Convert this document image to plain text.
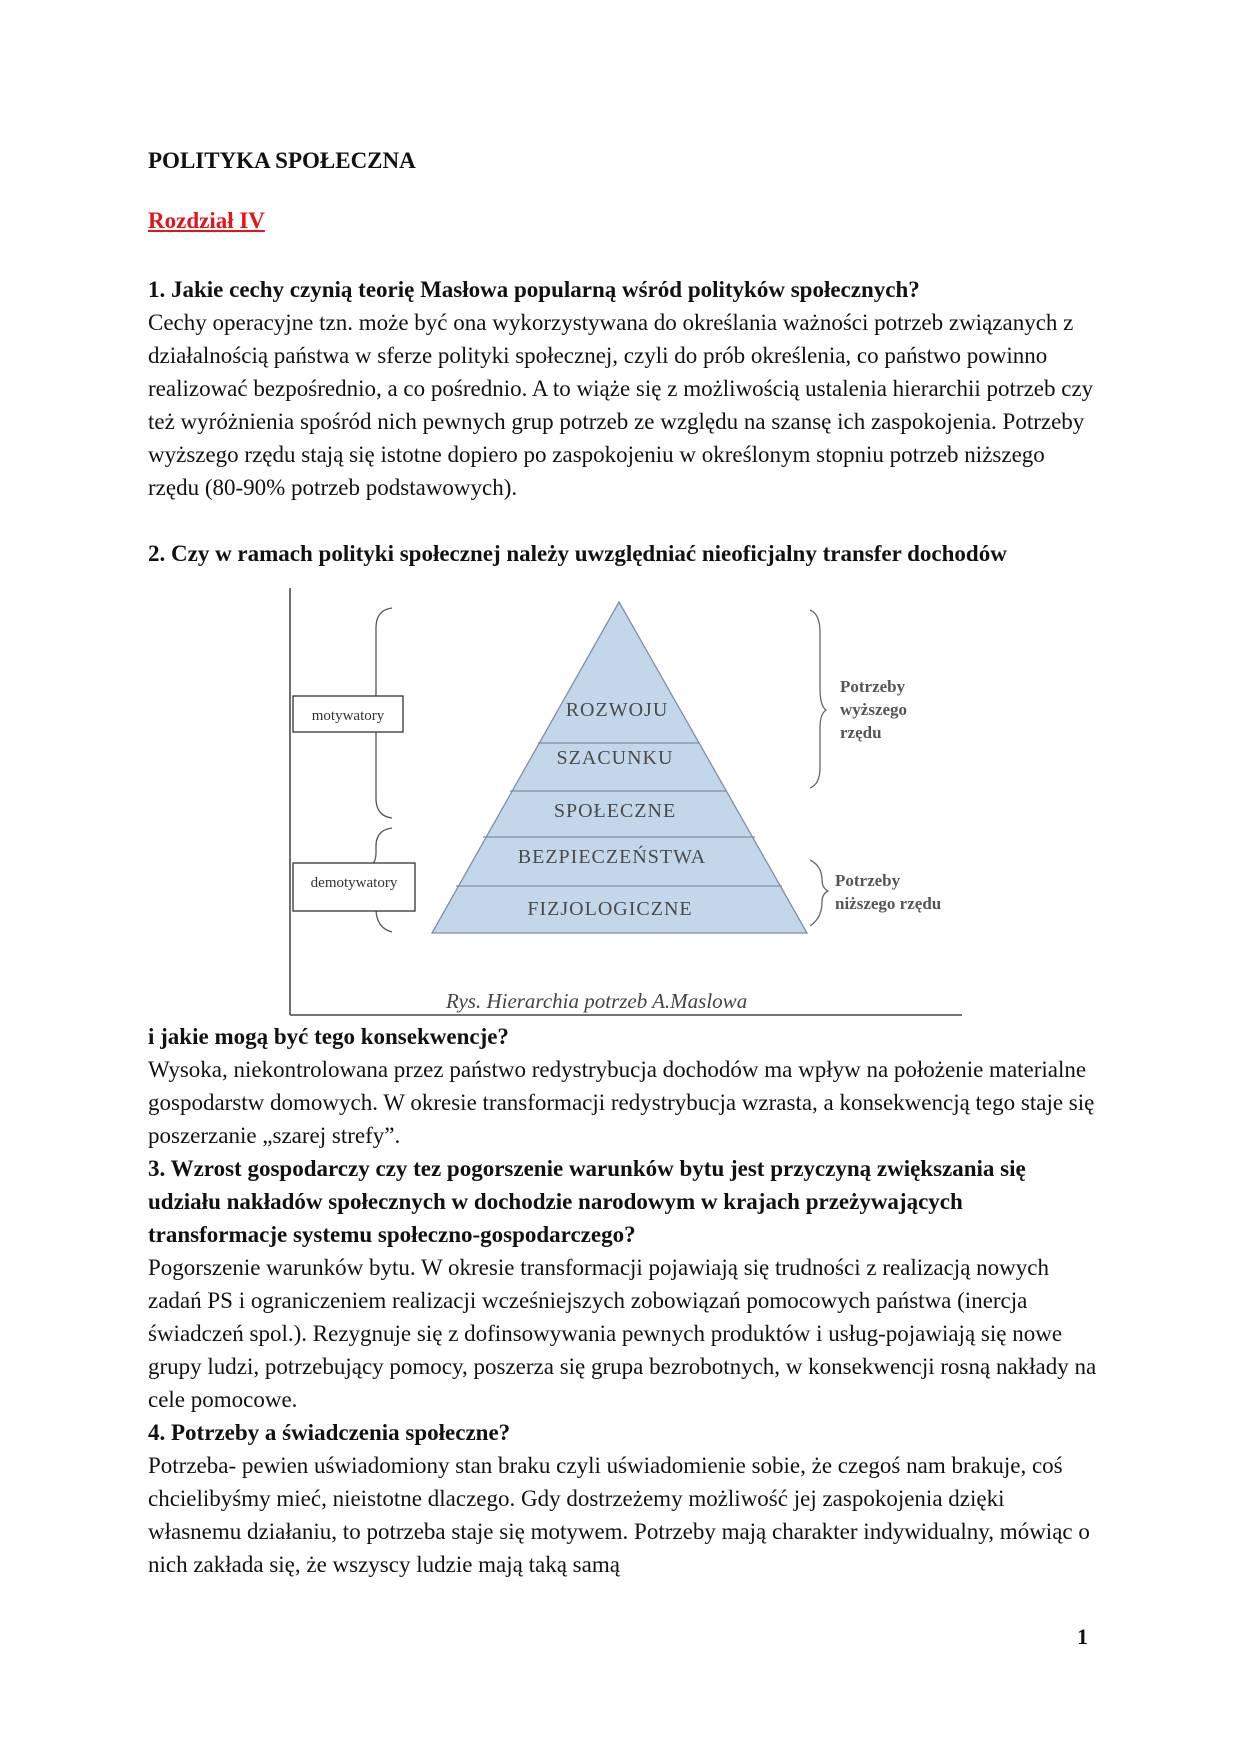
POLITYKA SPOŁECZNA
Rozdział IV

1. Jakie cechy czynią teorię Masłowa popularną wśród polityków społecznych?

Cechy operacyjne tzn. może być ona wykorzystywana do określania ważności potrzeb związanych z działalnością państwa w sferze polityki społecznej, czyli do prób określenia, co państwo powinno realizować bezpośrednio, a co pośrednio. A to wiąże się z możliwością ustalenia hierarchii potrzeb czy też wyróżnienia spośród nich pewnych grup potrzeb ze względu na szansę ich zaspokojenia. Potrzeby wyższego rzędu stają się istotne dopiero po zaspokojeniu w określonym stopniu potrzeb niższego rzędu (80-90% potrzeb podstawowych).

2. Czy w ramach polityki społecznej należy uwzględniać nieoficjalny transfer dochodów

ROZWOJU
SZACUNKU
SPOŁECZNE
BEZPIECZEŃSTWA
FIZJOLOGICZNE
motywatory
demotywatory
Potrzeby
wyższego
rzędu
Potrzeby
niższego rzędu
Rys. Hierarchia potrzeb A.Maslowa

i jakie mogą być tego konsekwencje?

Wysoka, niekontrolowana przez państwo redystrybucja dochodów ma wpływ na położenie materialne gospodarstw domowych. W okresie transformacji redystrybucja wzrasta, a konsekwencją tego staje się poszerzanie „szarej strefy”.

3. Wzrost gospodarczy czy tez pogorszenie warunków bytu jest przyczyną zwiększania się udziału nakładów społecznych w dochodzie narodowym w krajach przeżywających transformacje systemu społeczno-gospodarczego?

Pogorszenie warunków bytu. W okresie transformacji pojawiają się trudności z realizacją nowych zadań PS i ograniczeniem realizacji wcześniejszych zobowiązań pomocowych państwa (inercja świadczeń spol.). Rezygnuje się z dofinsowywania pewnych produktów i usług-pojawiają się nowe grupy ludzi, potrzebujący pomocy, poszerza się grupa bezrobotnych, w konsekwencji rosną nakłady na cele pomocowe.

4. Potrzeby a świadczenia społeczne?

Potrzeba- pewien uświadomiony stan braku czyli uświadomienie sobie, że czegoś nam brakuje, coś chcielibyśmy mieć, nieistotne dlaczego. Gdy dostrzeżemy możliwość jej zaspokojenia dzięki własnemu działaniu, to potrzeba staje się motywem. Potrzeby mają charakter indywidualny, mówiąc o nich zakłada się, że wszyscy ludzie mają taką samą

1
